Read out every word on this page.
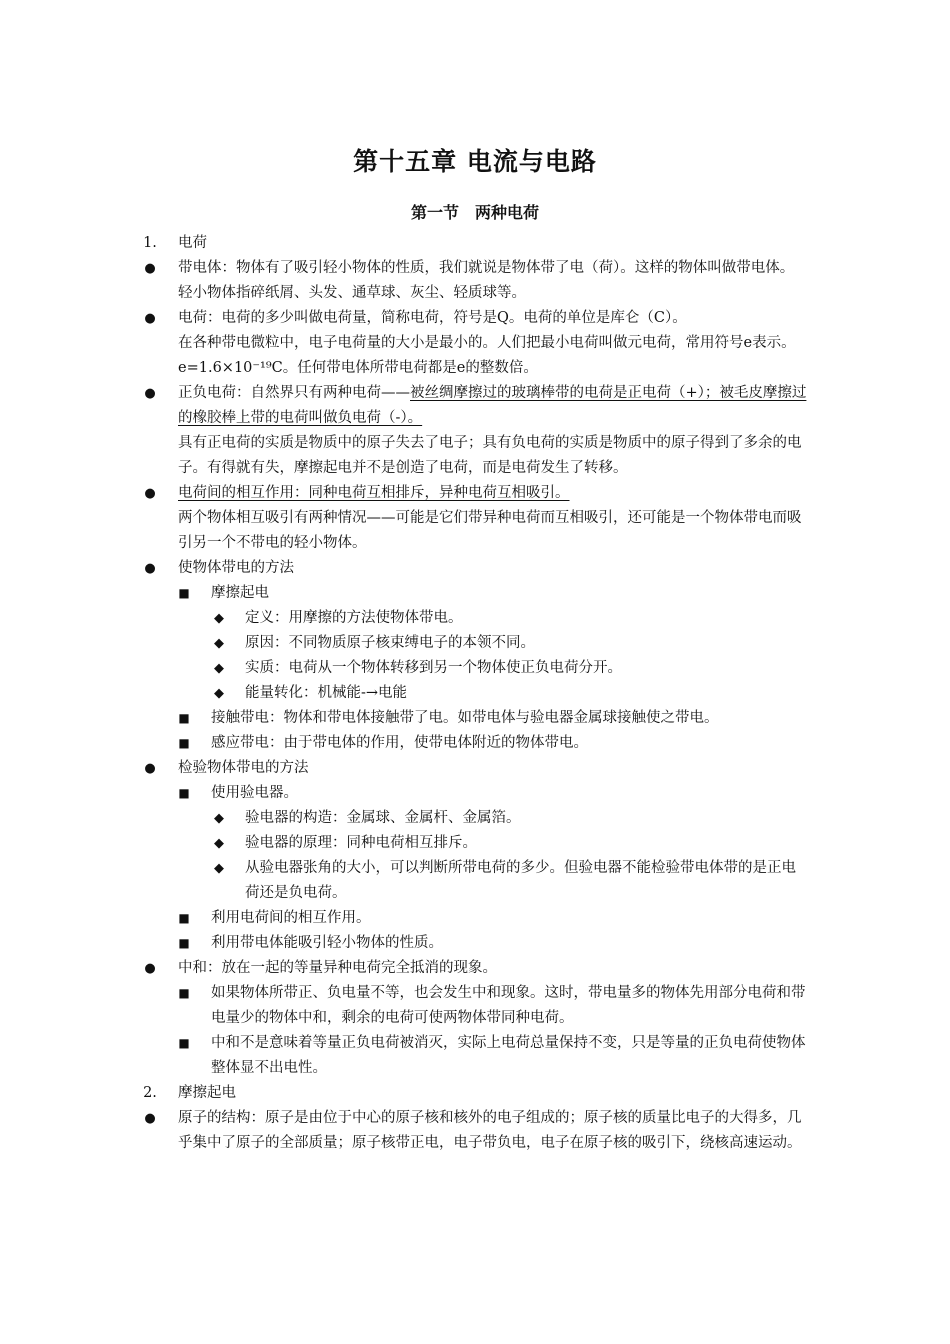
第十五章 电流与电路
第一节　两种电荷
1. 电荷
● 带电体：物体有了吸引轻小物体的性质，我们就说是物体带了电（荷）。这样的物体叫做带电体。
轻小物体指碎纸屑、头发、通草球、灰尘、轻质球等。
● 电荷：电荷的多少叫做电荷量，简称电荷，符号是Q。电荷的单位是库仑（C）。
在各种带电微粒中，电子电荷量的大小是最小的。人们把最小电荷叫做元电荷，常用符号e表示。e=1.6×10⁻¹⁹C。任何带电体所带电荷都是e的整数倍。
● 正负电荷：自然界只有两种电荷——被丝绸摩擦过的玻璃棒带的电荷是正电荷（+）；被毛皮摩擦过的橡胶棒上带的电荷叫做负电荷（-）。
具有正电荷的实质是物质中的原子失去了电子；具有负电荷的实质是物质中的原子得到了多余的电子。有得就有失，摩擦起电并不是创造了电荷，而是电荷发生了转移。
● 电荷间的相互作用：同种电荷互相排斥，异种电荷互相吸引。
两个物体相互吸引有两种情况——可能是它们带异种电荷而互相吸引，还可能是一个物体带电而吸引另一个不带电的轻小物体。
● 使物体带电的方法
■ 摩擦起电
◆	定义：用摩擦的方法使物体带电。
◆	原因：不同物质原子核束缚电子的本领不同。
◆	实质：电荷从一个物体转移到另一个物体使正负电荷分开。
◆	能量转化：机械能-→电能
■ 接触带电：物体和带电体接触带了电。如带电体与验电器金属球接触使之带电。
■ 感应带电：由于带电体的作用，使带电体附近的物体带电。
● 检验物体带电的方法
■ 使用验电器。
◆	验电器的构造：金属球、金属杆、金属箔。
◆	验电器的原理：同种电荷相互排斥。
◆	从验电器张角的大小，可以判断所带电荷的多少。但验电器不能检验带电体带的是正电荷还是负电荷。
■ 利用电荷间的相互作用。
■ 利用带电体能吸引轻小物体的性质。
● 中和：放在一起的等量异种电荷完全抵消的现象。
■ 如果物体所带正、负电量不等，也会发生中和现象。这时，带电量多的物体先用部分电荷和带电量少的物体中和，剩余的电荷可使两物体带同种电荷。
■ 中和不是意味着等量正负电荷被消灭，实际上电荷总量保持不变，只是等量的正负电荷使物体整体显不出电性。
2. 摩擦起电
● 原子的结构：原子是由位于中心的原子核和核外的电子组成的；原子核的质量比电子的大得多，几乎集中了原子的全部质量；原子核带正电，电子带负电，电子在原子核的吸引下，绕核高速运动。
